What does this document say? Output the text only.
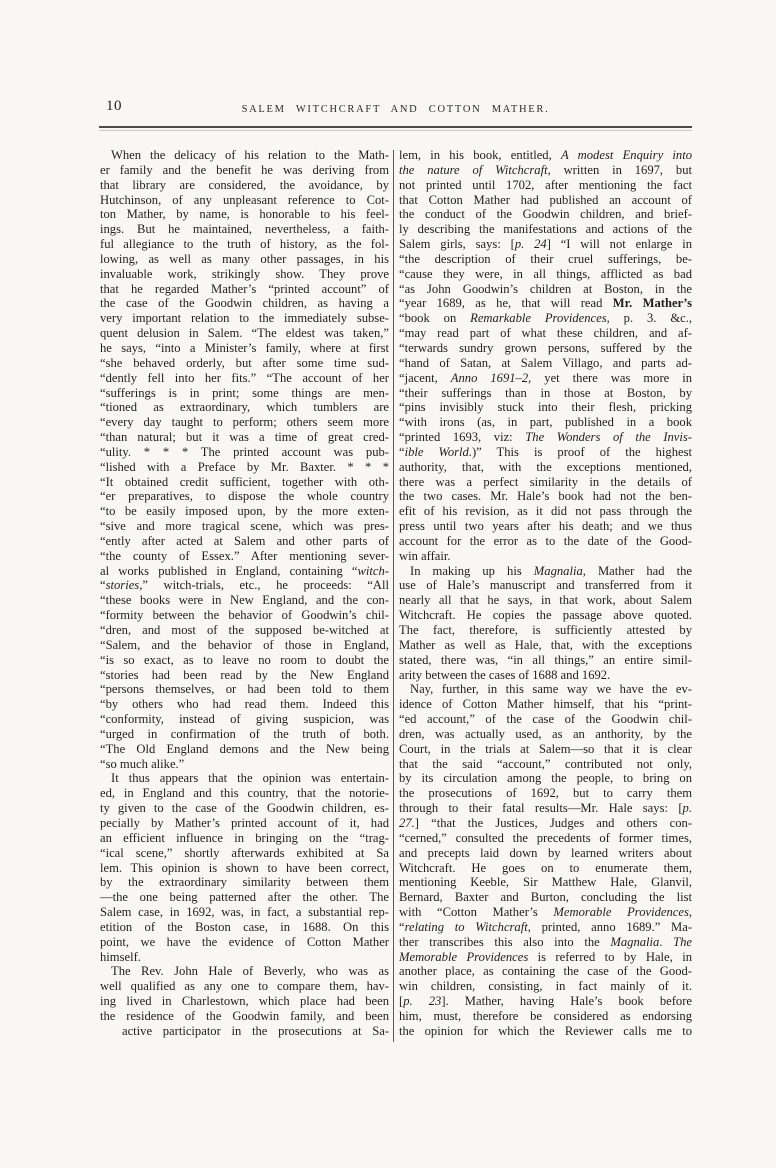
10	SALEM WITCHCRAFT AND COTTON MATHER.
When the delicacy of his relation to the Math-
er family and the benefit he was deriving from
that library are considered, the avoidance, by
Hutchinson, of any unpleasant reference to Cot-
ton Mather, by name, is honorable to his feel-
ings. But he maintained, nevertheless, a faith-
ful allegiance to the truth of history, as the fol-
lowing, as well as many other passages, in his
invaluable work, strikingly show. They prove
that he regarded Mather’s “printed account” of
the case of the Goodwin children, as having a
very important relation to the immediately subse-
quent delusion in Salem. “The eldest was taken,”
he says, “into a Minister’s family, where at first
“she behaved orderly, but after some time sud-
“dently fell into her fits.” “The account of her
“sufferings is in print; some things are men-
“tioned as extraordinary, which tumblers are
“every day taught to perform; others seem more
“than natural; but it was a time of great cred-
“ulity. * * * The printed account was pub-
“lished with a Preface by Mr. Baxter. * * *
“It obtained credit sufficient, together with oth-
“er preparatives, to dispose the whole country
“to be easily imposed upon, by the more exten-
“sive and more tragical scene, which was pres-
“ently after acted at Salem and other parts of
“the county of Essex.” After mentioning sever-
al works published in England, containing “witch-
“stories,” witch-trials, etc., he proceeds: “All
“these books were in New England, and the con-
“formity between the behavior of Goodwin’s chil-
“dren, and most of the supposed be-witched at
“Salem, and the behavior of those in England,
“is so exact, as to leave no room to doubt the
“stories had been read by the New England
“persons themselves, or had been told to them
“by others who had read them. Indeed this
“conformity, instead of giving suspicion, was
“urged in confirmation of the truth of both.
“The Old England demons and the New being
“so much alike.”
It thus appears that the opinion was entertain-
ed, in England and this country, that the notorie-
ty given to the case of the Goodwin children, es-
pecially by Mather’s printed account of it, had
an efficient influence in bringing on the “trag-
“ical scene,” shortly afterwards exhibited at Sa
lem. This opinion is shown to have been correct,
by the extraordinary similarity between them
—the one being patterned after the other. The
Salem case, in 1692, was, in fact, a substantial rep-
etition of the Boston case, in 1688. On this
point, we have the evidence of Cotton Mather
himself.
The Rev. John Hale of Beverly, who was as
well qualified as any one to compare them, hav-
ing lived in Charlestown, which place had been
the residence of the Goodwin family, and been
active participator in the prosecutions at Sa-
lem, in his book, entitled, A modest Enquiry into
the nature of Witchcraft, written in 1697, but
not printed until 1702, after mentioning the fact
that Cotton Mather had published an account of
the conduct of the Goodwin children, and brief-
ly describing the manifestations and actions of the
Salem girls, says: [p. 24] “I will not enlarge in
“the description of their cruel sufferings, be-
“cause they were, in all things, afflicted as bad
“as John Goodwin’s children at Boston, in the
“year 1689, as he, that will read Mr. Mather’s
“book on Remarkable Providences, p. 3. &c.,
“may read part of what these children, and af-
“terwards sundry grown persons, suffered by the
“hand of Satan, at Salem Villago, and parts ad-
“jacent, Anno 1691–2, yet there was more in
“their sufferings than in those at Boston, by
“pins invisibly stuck into their flesh, pricking
“with irons (as, in part, published in a book
“printed 1693, viz: The Wonders of the Invis-
“ible World.)” This is proof of the highest
authority, that, with the exceptions mentioned,
there was a perfect similarity in the details of
the two cases. Mr. Hale’s book had not the ben-
efit of his revision, as it did not pass through the
press until two years after his death; and we thus
account for the error as to the date of the Good-
win affair.
In making up his Magnalia, Mather had the
use of Hale’s manuscript and transferred from it
nearly all that he says, in that work, about Salem
Witchcraft. He copies the passage above quoted.
The fact, therefore, is sufficiently attested by
Mather as well as Hale, that, with the exceptions
stated, there was, “in all things,” an entire simil-
arity between the cases of 1688 and 1692.
Nay, further, in this same way we have the ev-
idence of Cotton Mather himself, that his “print-
“ed account,” of the case of the Goodwin chil-
dren, was actually used, as an anthority, by the
Court, in the trials at Salem—so that it is clear
that the said “account,” contributed not only,
by its circulation among the people, to bring on
the prosecutions of 1692, but to carry them
through to their fatal results—Mr. Hale says: [p.
27.] “that the Justices, Judges and others con-
“cerned,” consulted the precedents of former times,
and precepts laid down by learned writers about
Witchcraft. He goes on to enumerate them,
mentioning Keeble, Sir Matthew Hale, Glanvil,
Bernard, Baxter and Burton, concluding the list
with “Cotton Mather’s Memorable Providences,
“relating to Witchcraft, printed, anno 1689.” Ma-
ther transcribes this also into the Magnalia. The
Memorable Providences is referred to by Hale, in
another place, as containing the case of the Good-
win children, consisting, in fact mainly of it.
[p. 23]. Mather, having Hale’s book before
him, must, therefore be considered as endorsing
the opinion for which the Reviewer calls me to
